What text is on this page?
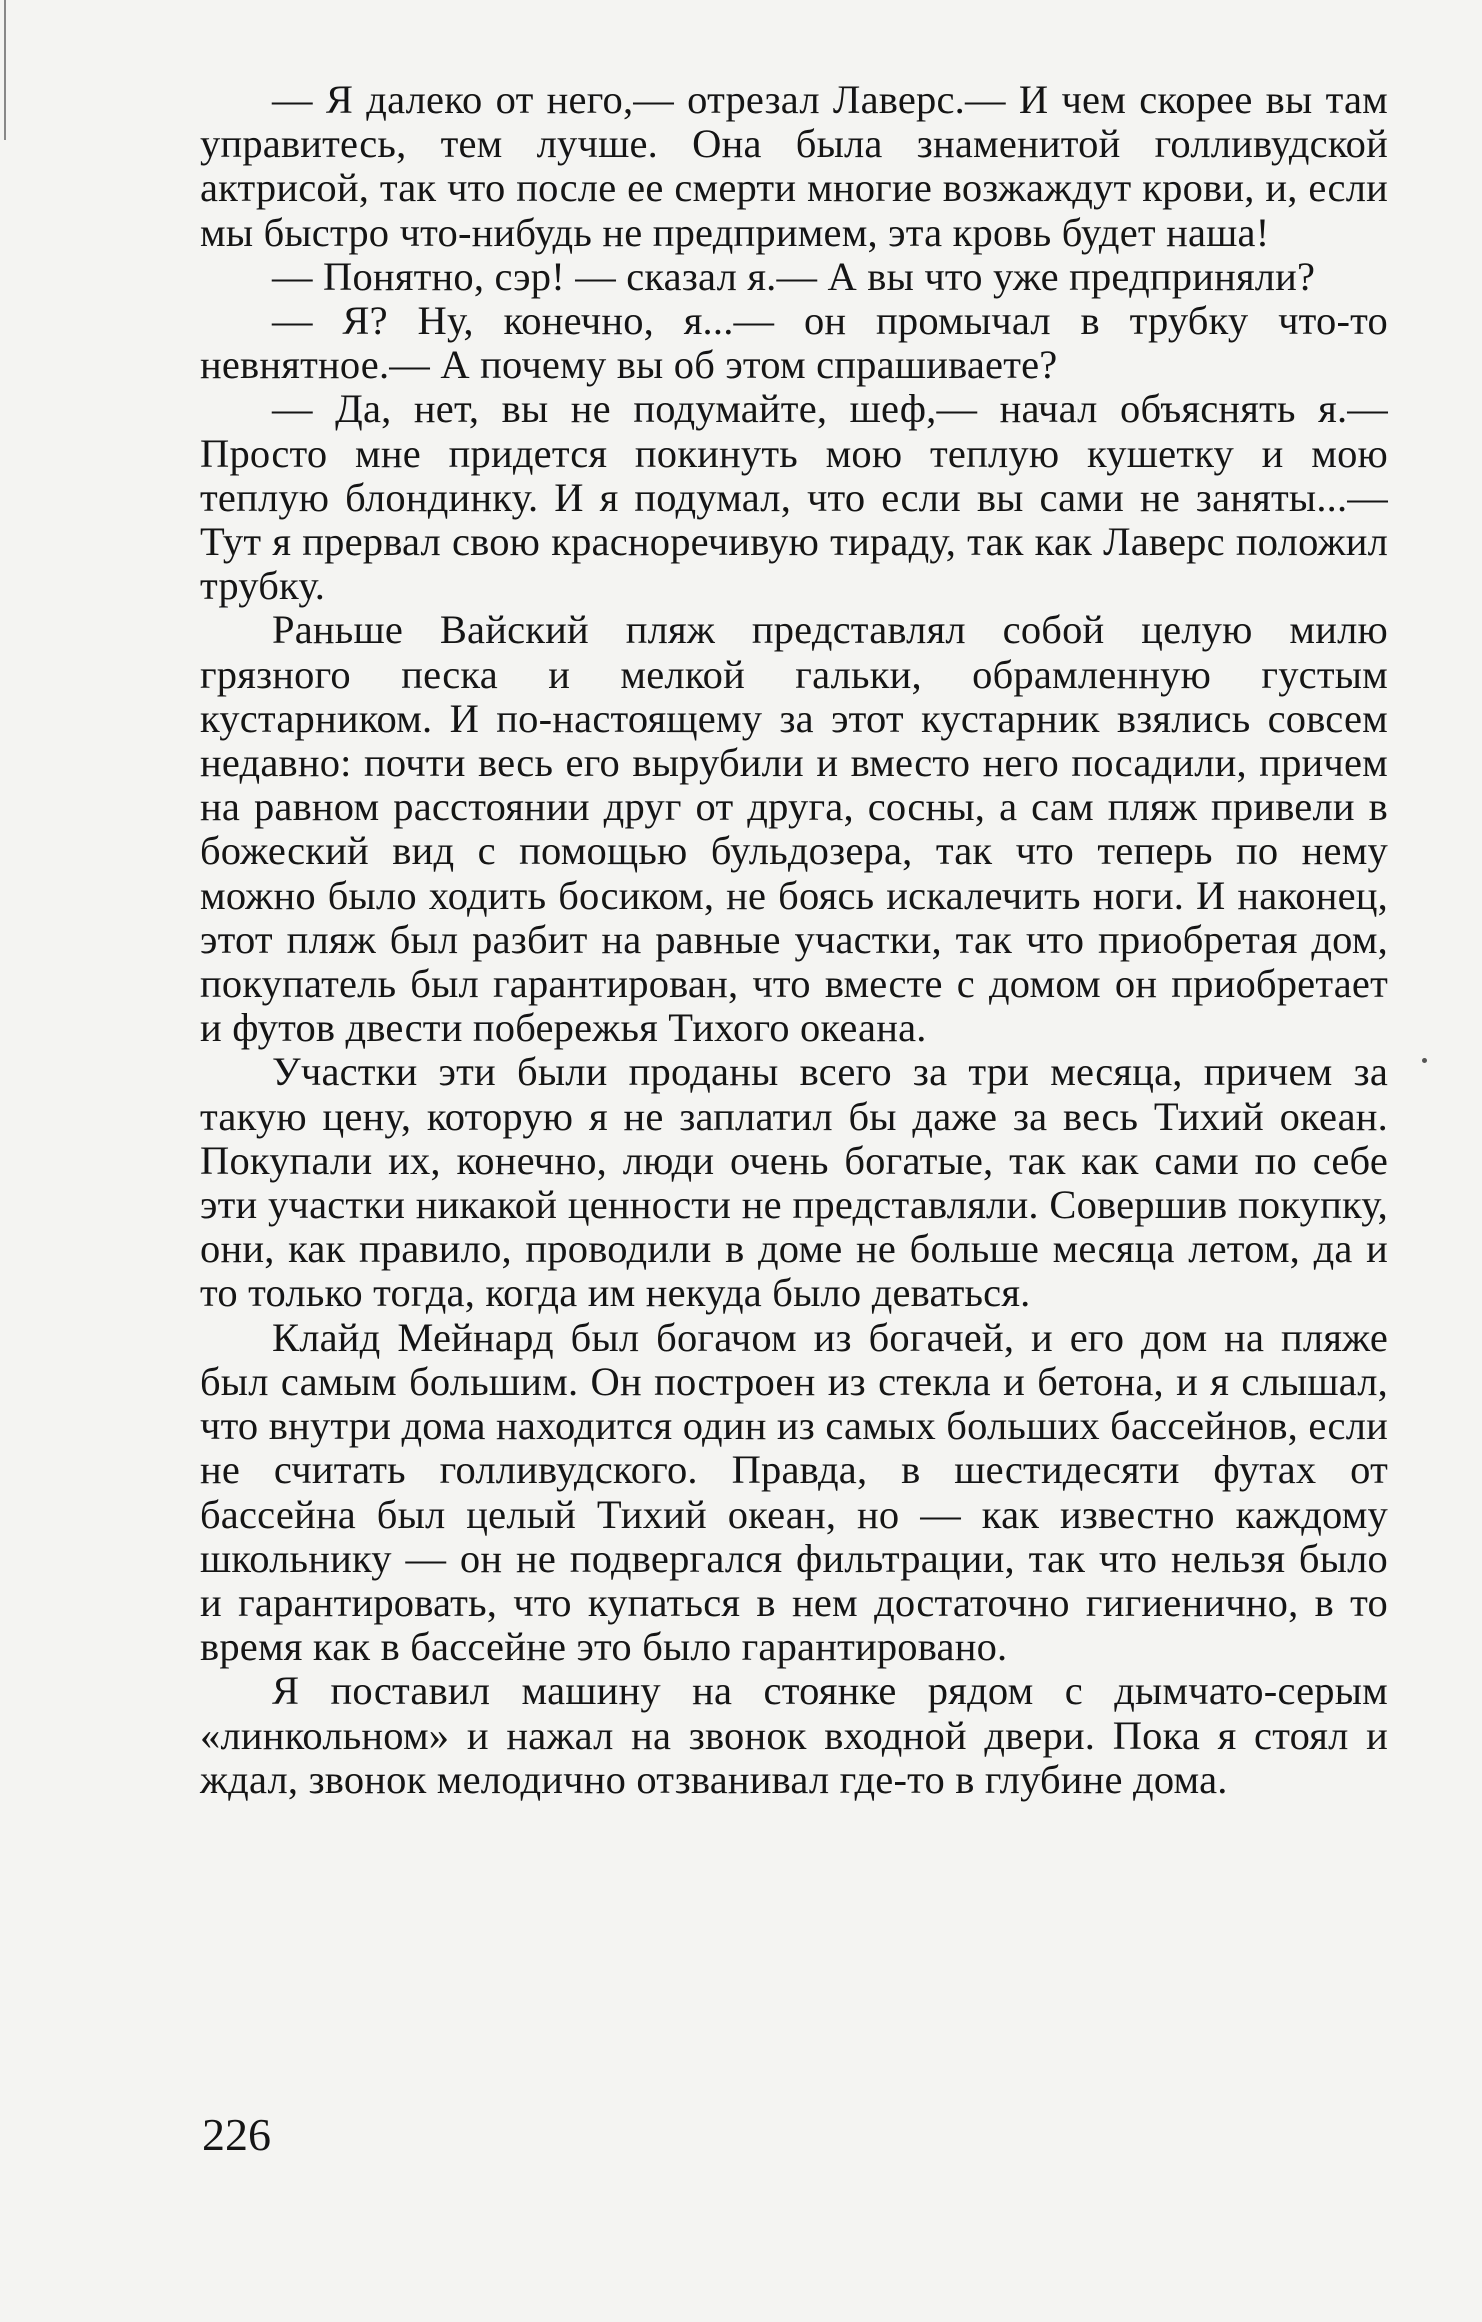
— Я далеко от него,— отрезал Лаверс.— И чем скорее вы там управитесь, тем лучше. Она была знаменитой голливудской актрисой, так что после ее смерти многие возжаждут крови, и, если мы быстро что-нибудь не предпримем, эта кровь будет наша!

— Понятно, сэр! — сказал я.— А вы что уже предприняли?

— Я? Ну, конечно, я...— он промычал в трубку что-то невнятное.— А почему вы об этом спрашиваете?

— Да, нет, вы не подумайте, шеф,— начал объяснять я.— Просто мне придется покинуть мою теплую кушетку и мою теплую блондинку. И я подумал, что если вы сами не заняты...— Тут я прервал свою красноречивую тираду, так как Лаверс положил трубку.

Раньше Вайский пляж представлял собой целую милю грязного песка и мелкой гальки, обрамленную густым кустарником. И по-настоящему за этот кустарник взялись совсем недавно: почти весь его вырубили и вместо него посадили, причем на равном расстоянии друг от друга, сосны, а сам пляж привели в божеский вид с помощью бульдозера, так что теперь по нему можно было ходить босиком, не боясь искалечить ноги. И наконец, этот пляж был разбит на равные участки, так что приобретая дом, покупатель был гарантирован, что вместе с домом он приобретает и футов двести побережья Тихого океана.

Участки эти были проданы всего за три месяца, причем за такую цену, которую я не заплатил бы даже за весь Тихий океан. Покупали их, конечно, люди очень богатые, так как сами по себе эти участки никакой ценности не представляли. Совершив покупку, они, как правило, проводили в доме не больше месяца летом, да и то только тогда, когда им некуда было деваться.

Клайд Мейнард был богачом из богачей, и его дом на пляже был самым большим. Он построен из стекла и бетона, и я слышал, что внутри дома находится один из самых больших бассейнов, если не считать голливудского. Правда, в шестидесяти футах от бассейна был целый Тихий океан, но — как известно каждому школьнику — он не подвергался фильтрации, так что нельзя было и гарантировать, что купаться в нем достаточно гигиенично, в то время как в бассейне это было гарантировано.

Я поставил машину на стоянке рядом с дымчато-серым «линкольном» и нажал на звонок входной двери. Пока я стоял и ждал, звонок мелодично отзванивал где-то в глубине дома.

226
